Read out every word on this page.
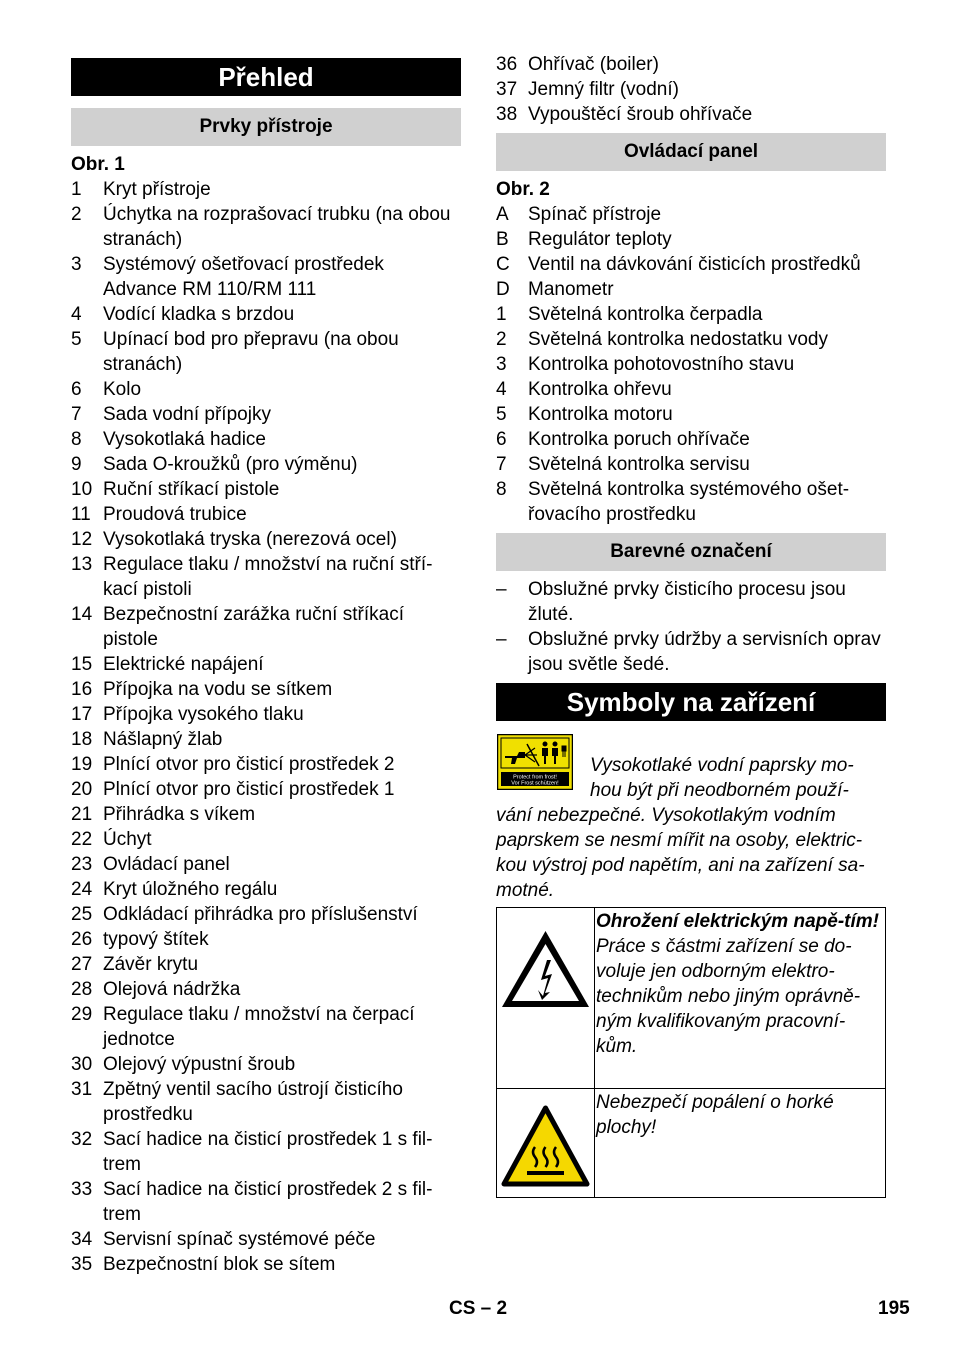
Přehled
Prvky přístroje
Obr. 1
1 Kryt přístroje
2 Úchytka na rozprašovací trubku (na obou stranách)
3 Systémový ošetřovací prostředek Advance RM 110/RM 111
4 Vodící kladka s brzdou
5 Upínací bod pro přepravu (na obou stranách)
6 Kolo
7 Sada vodní přípojky
8 Vysokotlaká hadice
9 Sada O-kroužků (pro výměnu)
10 Ruční stříkací pistole
11 Proudová trubice
12 Vysokotlaká tryska (nerezová ocel)
13 Regulace tlaku / množství na ruční stří-kací pistoli
14 Bezpečnostní zarážka ruční stříkací pistole
15 Elektrické napájení
16 Přípojka na vodu se sítkem
17 Přípojka vysokého tlaku
18 Nášlapný žlab
19 Plnící otvor pro čisticí prostředek 2
20 Plnící otvor pro čisticí prostředek 1
21 Přihrádka s víkem
22 Úchyt
23 Ovládací panel
24 Kryt úložného regálu
25 Odkládací přihrádka pro příslušenství
26 typový štítek
27 Závěr krytu
28 Olejová nádržka
29 Regulace tlaku / množství na čerpací jednotce
30 Olejový výpustní šroub
31 Zpětný ventil sacího ústrojí čisticího prostředku
32 Sací hadice na čisticí prostředek 1 s fil-trem
33 Sací hadice na čisticí prostředek 2 s fil-trem
34 Servisní spínač systémové péče
35 Bezpečnostní blok se sítem
36 Ohřívač (boiler)
37 Jemný filtr (vodní)
38 Vypouštěcí šroub ohřívače
Ovládací panel
Obr. 2
A Spínač přístroje
B Regulátor teploty
C Ventil na dávkování čisticích prostředků
D Manometr
1 Světelná kontrolka čerpadla
2 Světelná kontrolka nedostatku vody
3 Kontrolka pohotovostního stavu
4 Kontrolka ohřevu
5 Kontrolka motoru
6 Kontrolka poruch ohřívače
7 Světelná kontrolka servisu
8 Světelná kontrolka systémového ošet-řovacího prostředku
Barevné označení
– Obslužné prvky čisticího procesu jsou žluté.
– Obslužné prvky údržby a servisních oprav jsou světle šedé.
Symboly na zařízení
Protect from frost!
Vor Frost schützen!
Vysokotlaké vodní paprsky mo-
hou být při neodborném použí-
vání nebezpečné. Vysokotlakým vodním paprskem se nesmí mířit na osoby, elektric-kou výstroj pod napětím, ani na zařízení sa-motné.
Ohrožení elektrickým napě-tím!
Práce s částmi zařízení se do-voluje jen odborným elektro-technikům nebo jiným oprávně-ným kvalifikovaným pracovní-kům.
Nebezpečí popálení o horké plochy!
CS – 2	195
